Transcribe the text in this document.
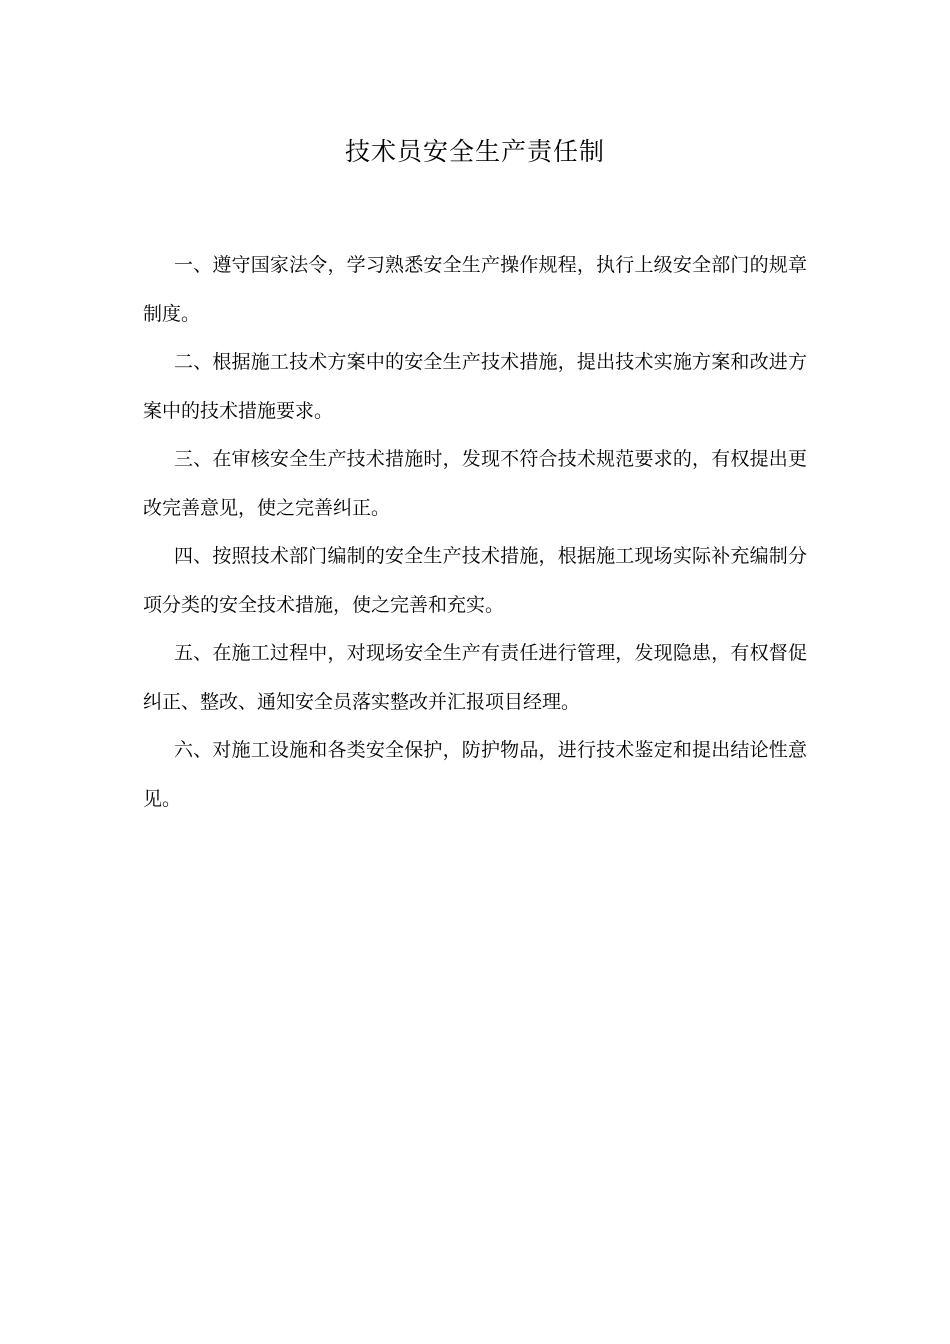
技术员安全生产责任制

一、遵守国家法令，学习熟悉安全生产操作规程，执行上级安全部门的规章制度。

二、根据施工技术方案中的安全生产技术措施，提出技术实施方案和改进方案中的技术措施要求。

三、在审核安全生产技术措施时，发现不符合技术规范要求的，有权提出更改完善意见，使之完善纠正。

四、按照技术部门编制的安全生产技术措施，根据施工现场实际补充编制分项分类的安全技术措施，使之完善和充实。

五、在施工过程中，对现场安全生产有责任进行管理，发现隐患，有权督促纠正、整改、通知安全员落实整改并汇报项目经理。

六、对施工设施和各类安全保护，防护物品，进行技术鉴定和提出结论性意见。
